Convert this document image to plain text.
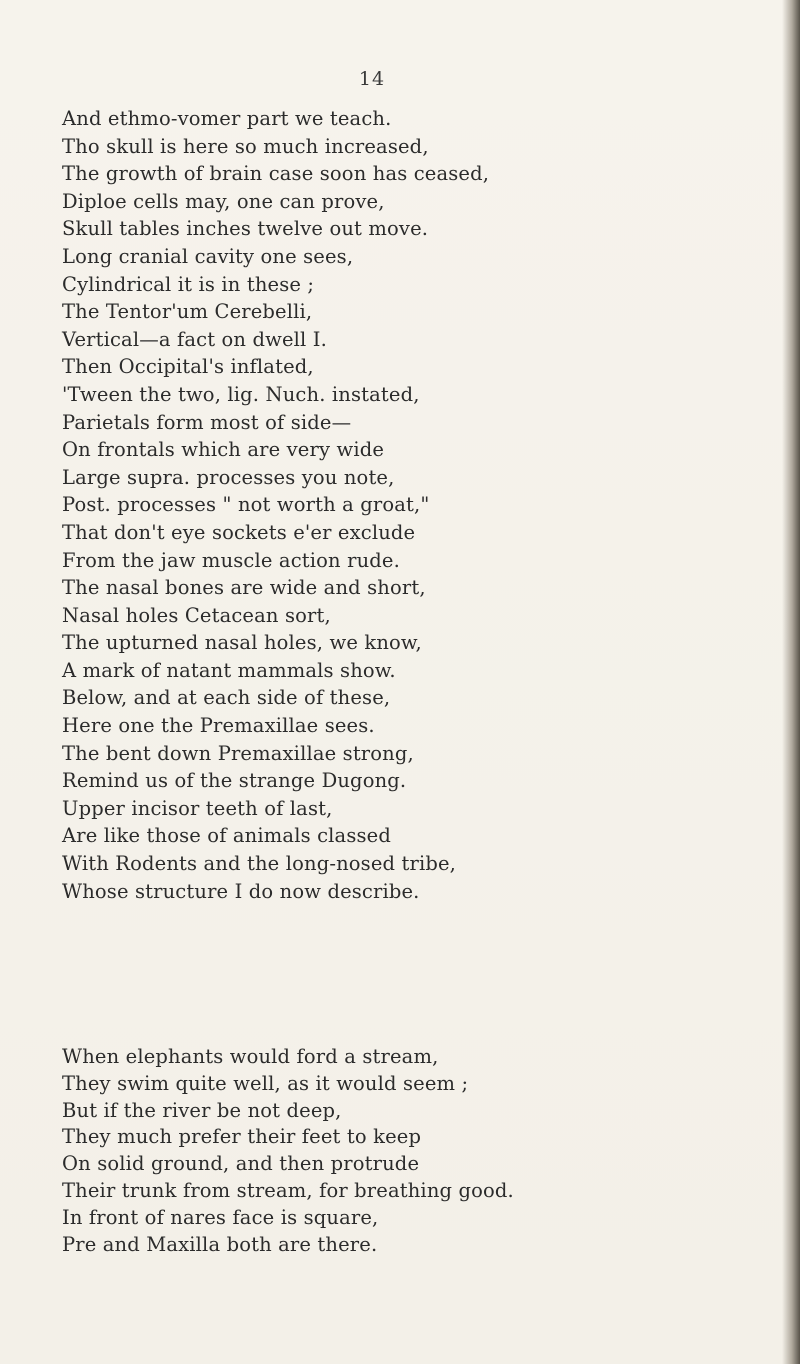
14
And ethmo-vomer part we teach.
Tho skull is here so much increased,
The growth of brain case soon has ceased,
Diploe cells may, one can prove,
Skull tables inches twelve out move.
Long cranial cavity one sees,
Cylindrical it is in these ;
The Tentor'um Cerebelli,
Vertical—a fact on dwell I.
Then Occipital's inflated,
'Tween the two, lig. Nuch. instated,
Parietals form most of side—
On frontals which are very wide
Large supra. processes you note,
Post. processes " not worth a groat,"
That don't eye sockets e'er exclude
From the jaw muscle action rude.
The nasal bones are wide and short,
Nasal holes Cetacean sort,
The upturned nasal holes, we know,
A mark of natant mammals show.
Below, and at each side of these,
Here one the Premaxillae sees.
The bent down Premaxillae strong,
Remind us of the strange Dugong.
Upper incisor teeth of last,
Are like those of animals classed
With Rodents and the long-nosed tribe,
Whose structure I do now describe.
When elephants would ford a stream,
They swim quite well, as it would seem ;
But if the river be not deep,
They much prefer their feet to keep
On solid ground, and then protrude
Their trunk from stream, for breathing good.
In front of nares face is square,
Pre and Maxilla both are there.
